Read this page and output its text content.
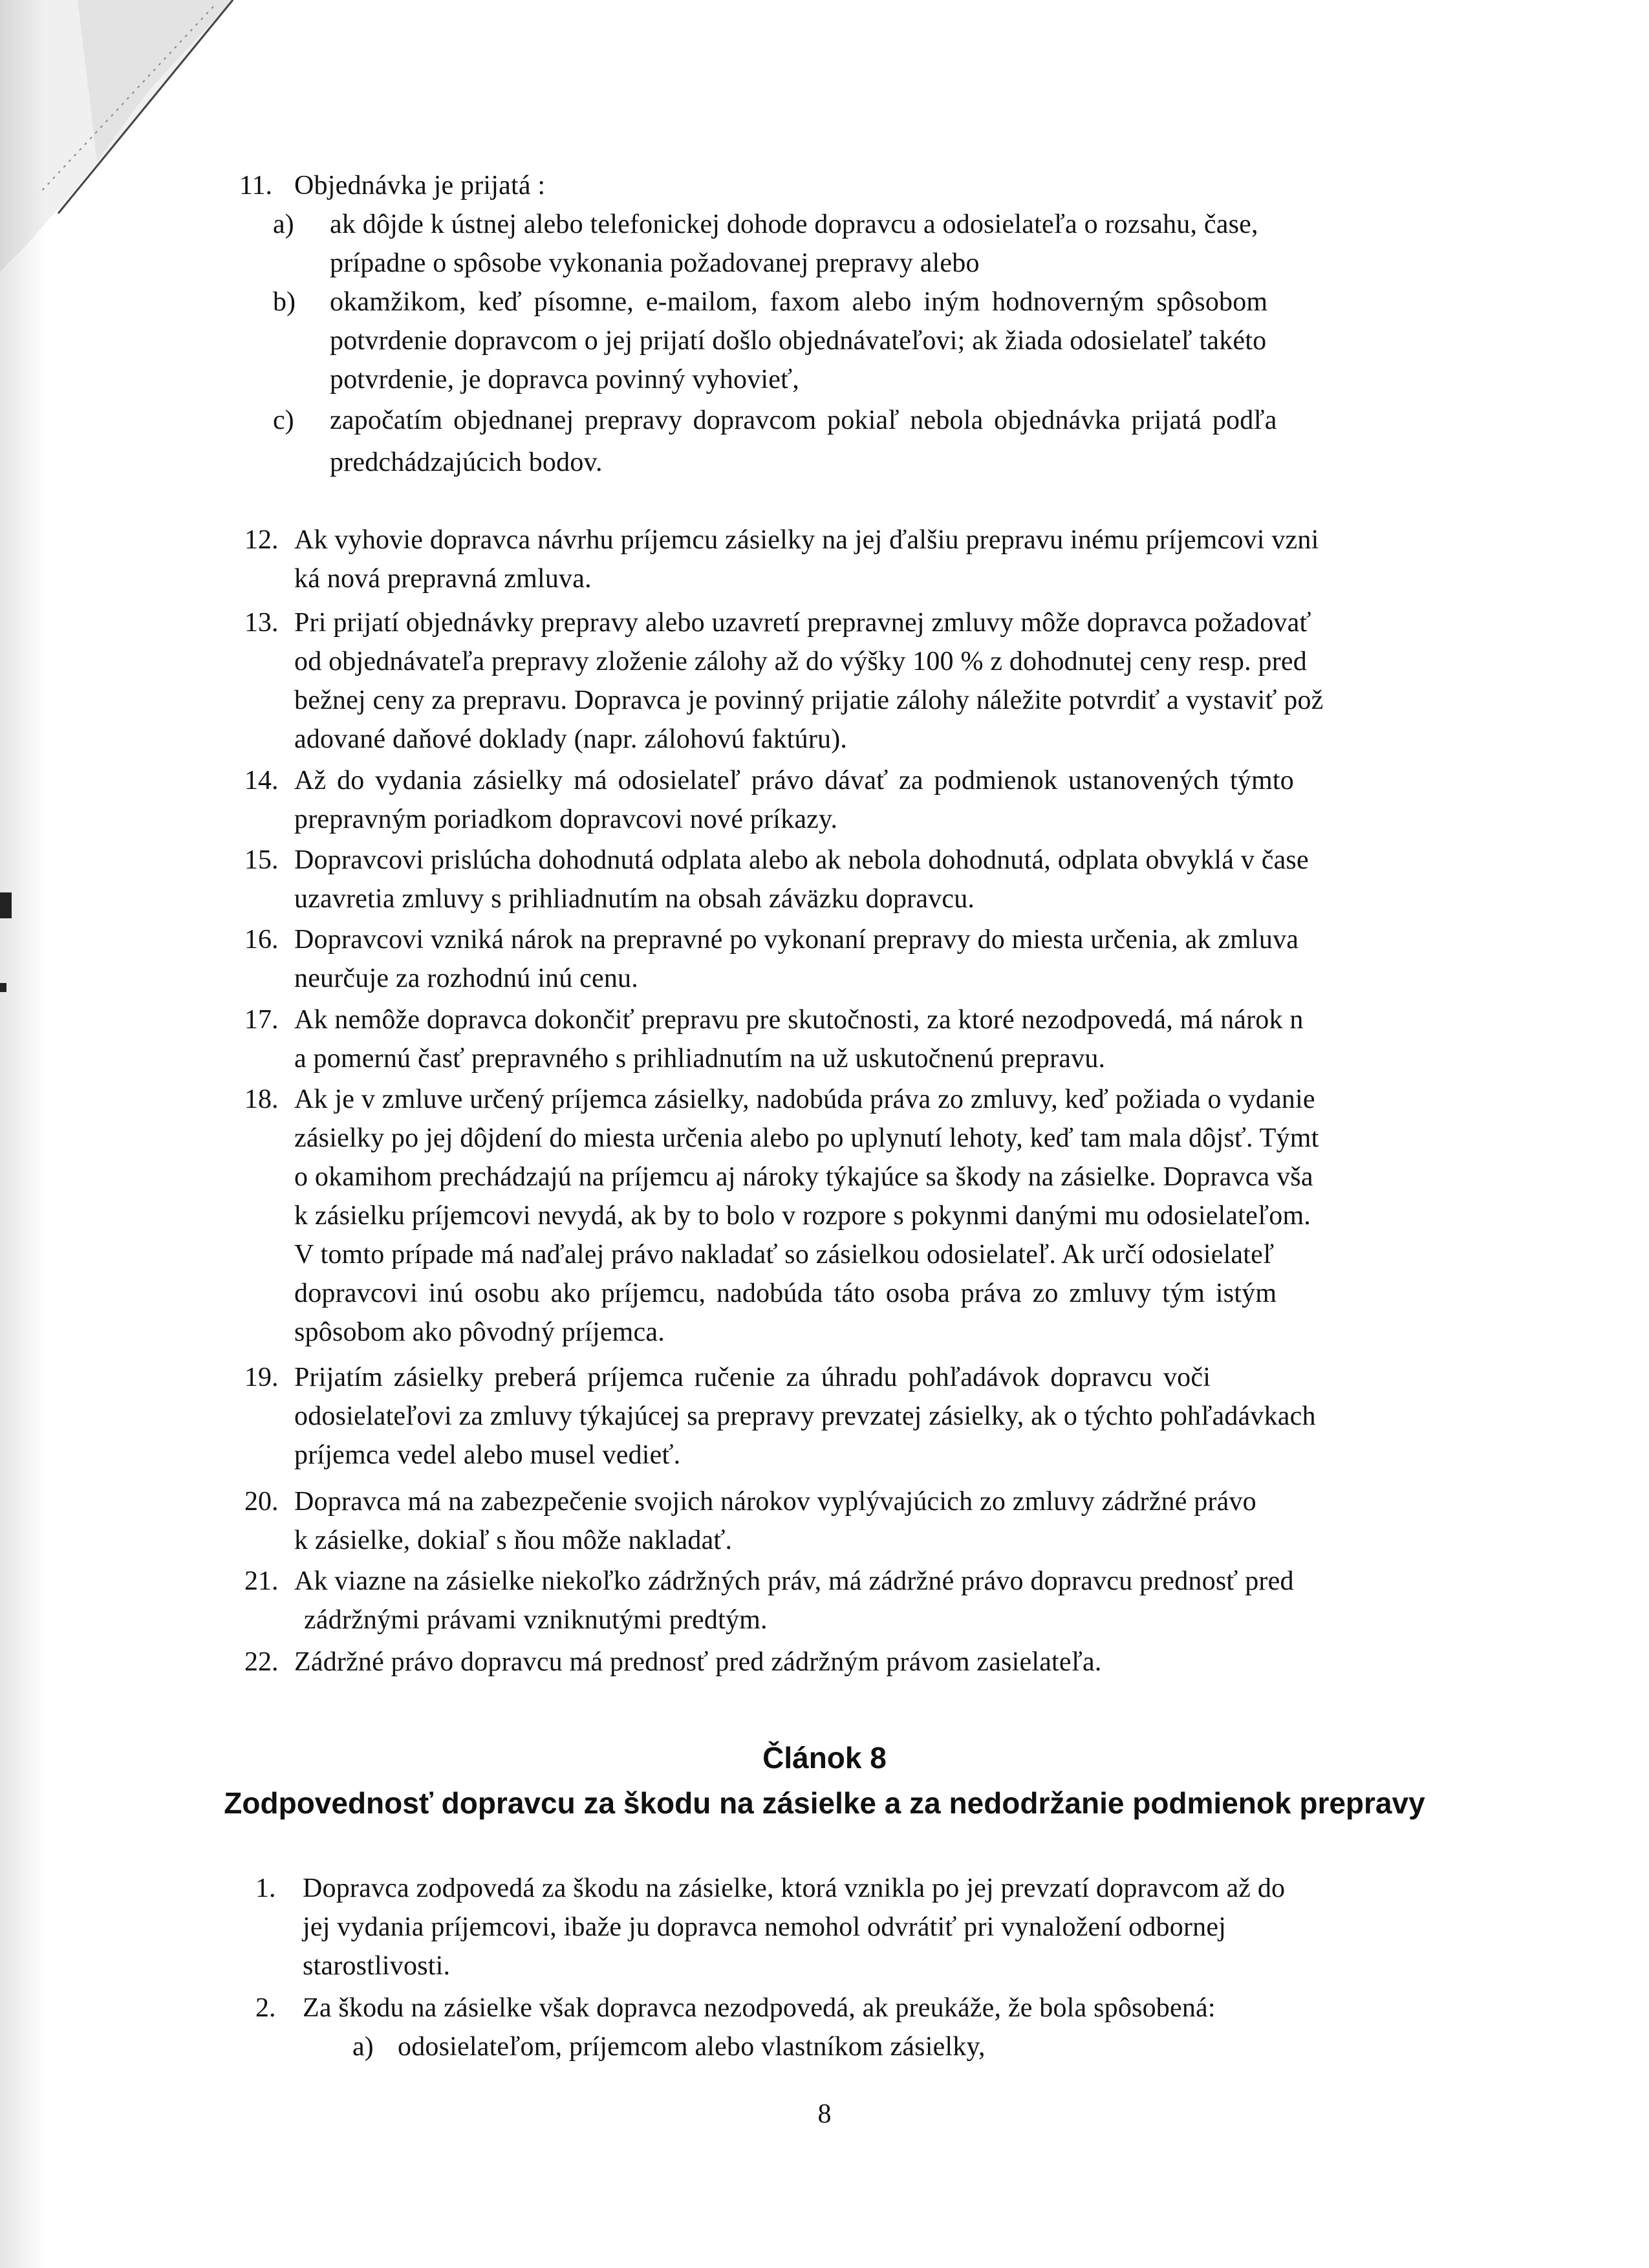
11. Objednávka je prijatá :
a) ak dôjde k ústnej alebo telefonickej dohode dopravcu a odosielateľa o rozsahu, čase,
prípadne o spôsobe vykonania požadovanej prepravy alebo
b) okamžikom, keď písomne, e-mailom, faxom alebo iným hodnoverným spôsobom
potvrdenie dopravcom o jej prijatí došlo objednávateľovi; ak žiada odosielateľ takéto
potvrdenie, je dopravca povinný vyhovieť,
c) započatím objednanej prepravy dopravcom pokiaľ nebola objednávka prijatá podľa
predchádzajúcich bodov.
12. Ak vyhovie dopravca návrhu príjemcu zásielky na jej ďalšiu prepravu inému príjemcovi vzni
ká nová prepravná zmluva.
13. Pri prijatí objednávky prepravy alebo uzavretí prepravnej zmluvy môže dopravca požadovať
od objednávateľa prepravy zloženie zálohy až do výšky 100 % z dohodnutej ceny resp. pred
bežnej ceny za prepravu. Dopravca je povinný prijatie zálohy náležite potvrdiť a vystaviť pož
adované daňové doklady (napr. zálohovú faktúru).
14. Až do vydania zásielky má odosielateľ právo dávať za podmienok ustanovených týmto
prepravným poriadkom dopravcovi nové príkazy.
15. Dopravcovi prislúcha dohodnutá odplata alebo ak nebola dohodnutá, odplata obvyklá v čase
uzavretia zmluvy s prihliadnutím na obsah záväzku dopravcu.
16. Dopravcovi vzniká nárok na prepravné po vykonaní prepravy do miesta určenia, ak zmluva
neurčuje za rozhodnú inú cenu.
17. Ak nemôže dopravca dokončiť prepravu pre skutočnosti, za ktoré nezodpovedá, má nárok n
a pomernú časť prepravného s prihliadnutím na už uskutočnenú prepravu.
18. Ak je v zmluve určený príjemca zásielky, nadobúda práva zo zmluvy, keď požiada o vydanie
zásielky po jej dôjdení do miesta určenia alebo po uplynutí lehoty, keď tam mala dôjsť. Týmt
o okamihom prechádzajú na príjemcu aj nároky týkajúce sa škody na zásielke. Dopravca vša
k zásielku príjemcovi nevydá, ak by to bolo v rozpore s pokynmi danými mu odosielateľom.
V tomto prípade má naďalej právo nakladať so zásielkou odosielateľ. Ak určí odosielateľ
dopravcovi inú osobu ako príjemcu, nadobúda táto osoba práva zo zmluvy tým istým
spôsobom ako pôvodný príjemca.
19. Prijatím zásielky preberá príjemca ručenie za úhradu pohľadávok dopravcu voči
odosielateľovi za zmluvy týkajúcej sa prepravy prevzatej zásielky, ak o týchto pohľadávkach
príjemca vedel alebo musel vedieť.
20. Dopravca má na zabezpečenie svojich nárokov vyplývajúcich zo zmluvy zádržné právo
k zásielke, dokiaľ s ňou môže nakladať.
21. Ak viazne na zásielke niekoľko zádržných práv, má zádržné právo dopravcu prednosť pred
zádržnými právami vzniknutými predtým.
22. Zádržné právo dopravcu má prednosť pred zádržným právom zasielateľa.
Článok 8
Zodpovednosť dopravcu za škodu na zásielke a za nedodržanie podmienok prepravy
1. Dopravca zodpovedá za škodu na zásielke, ktorá vznikla po jej prevzatí dopravcom až do
jej vydania príjemcovi, ibaže ju dopravca nemohol odvrátiť pri vynaložení odbornej
starostlivosti.
2. Za škodu na zásielke však dopravca nezodpovedá, ak preukáže, že bola spôsobená:
a) odosielateľom, príjemcom alebo vlastníkom zásielky,
8
